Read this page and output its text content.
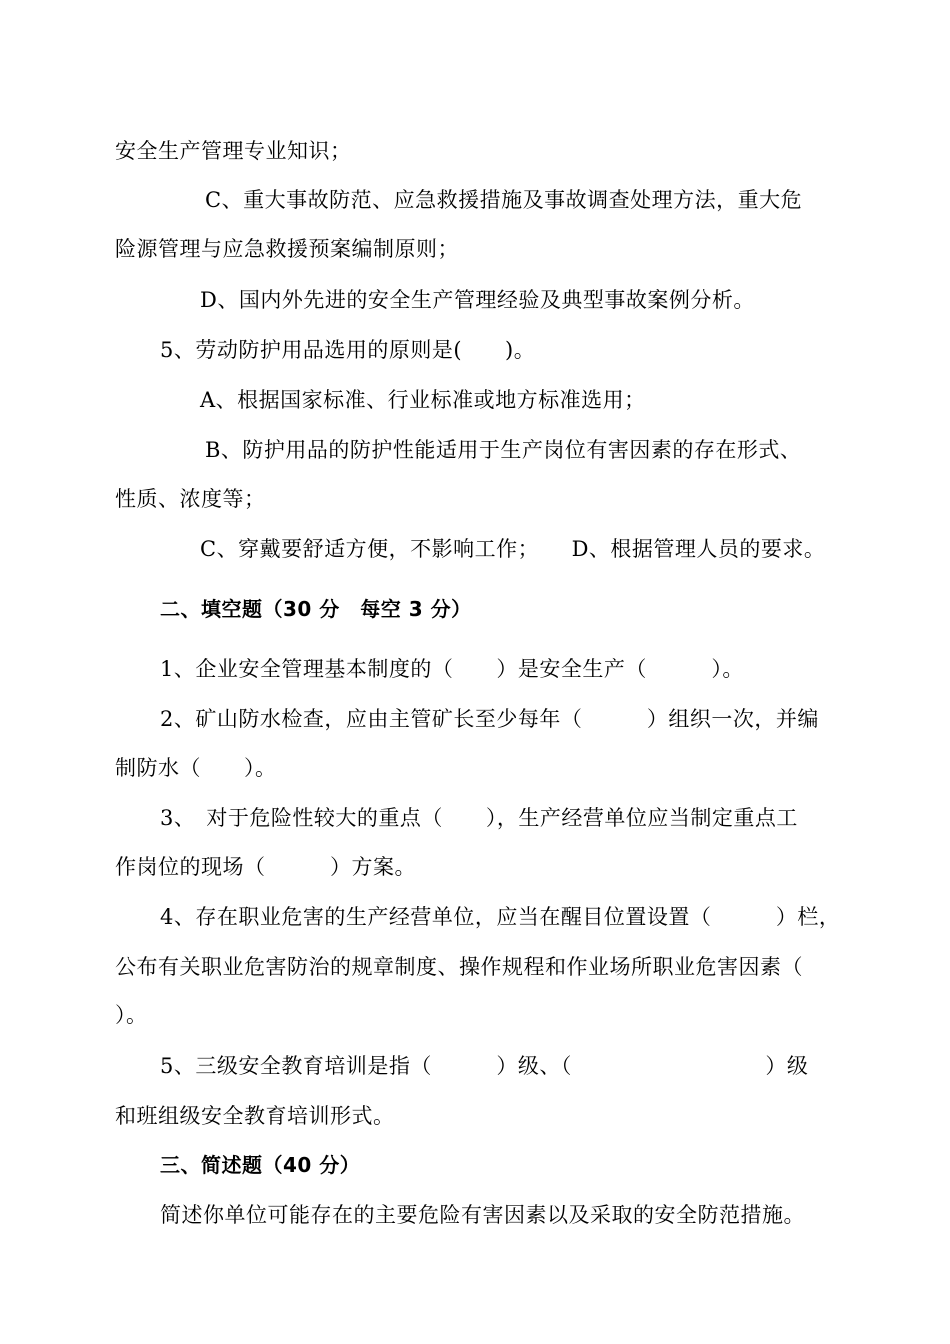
安全生产管理专业知识；
C、重大事故防范、应急救援措施及事故调查处理方法，重大危
险源管理与应急救援预案编制原则；
D、国内外先进的安全生产管理经验及典型事故案例分析。
5、劳动防护用品选用的原则是(　　)。
A、根据国家标准、行业标准或地方标准选用；
B、防护用品的防护性能适用于生产岗位有害因素的存在形式、
性质、浓度等；
C、穿戴要舒适方便，不影响工作；　　D、根据管理人员的要求。
二、填空题（30 分　每空 3 分）
1、企业安全管理基本制度的（　　）是安全生产（　　　）。
2、矿山防水检查，应由主管矿长至少每年（　　　）组织一次，并编
制防水（　　）。
3、　对于危险性较大的重点（　　），生产经营单位应当制定重点工
作岗位的现场（　　　）方案。
4、存在职业危害的生产经营单位，应当在醒目位置设置（　　　）栏，
公布有关职业危害防治的规章制度、操作规程和作业场所职业危害因素（
）。
5、三级安全教育培训是指（　　　）级、（　　　　　　　　　）级
和班组级安全教育培训形式。
三、简述题（40 分）
简述你单位可能存在的主要危险有害因素以及采取的安全防范措施。
